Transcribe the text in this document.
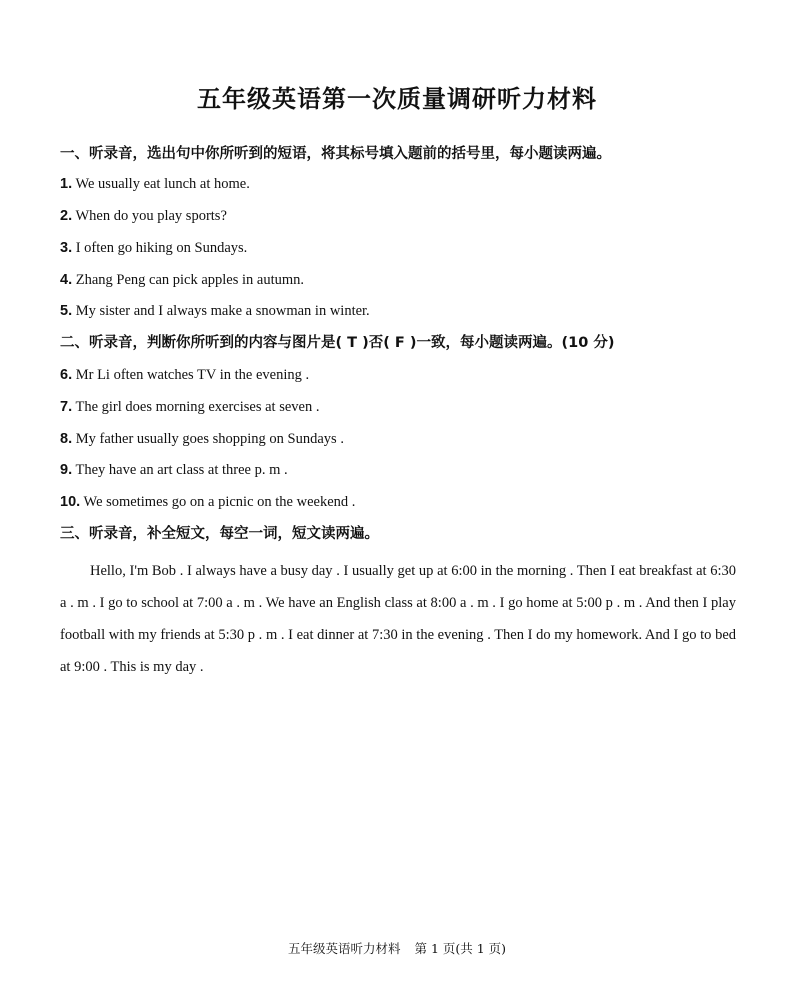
五年级英语第一次质量调研听力材料
一、听录音，选出句中你所听到的短语，将其标号填入题前的括号里，每小题读两遍。
1. We usually eat lunch at home.
2. When do you play sports?
3. I often go hiking on Sundays.
4. Zhang Peng can pick apples in autumn.
5. My sister and I always make a snowman in winter.
二、听录音，判断你所听到的内容与图片是( T )否( F )一致，每小题读两遍。(10 分)
6. Mr Li often watches TV in the evening .
7. The girl does morning exercises at seven .
8. My father usually goes shopping on Sundays .
9. They have an art class at three p. m .
10. We sometimes go on a picnic on the weekend .
三、听录音，补全短文，每空一词，短文读两遍。
Hello, I'm Bob . I always have a busy day . I usually get up at 6:00 in the morning . Then I eat breakfast at 6:30 a . m . I go to school at 7:00 a . m . We have an English class at 8:00 a . m . I go home at 5:00 p . m . And then I play football with my friends at 5:30 p . m . I eat dinner at 7:30 in the evening . Then I do my homework. And I go to bed at 9:00 . This is my day .
五年级英语听力材料 第 1 页(共 1 页)
